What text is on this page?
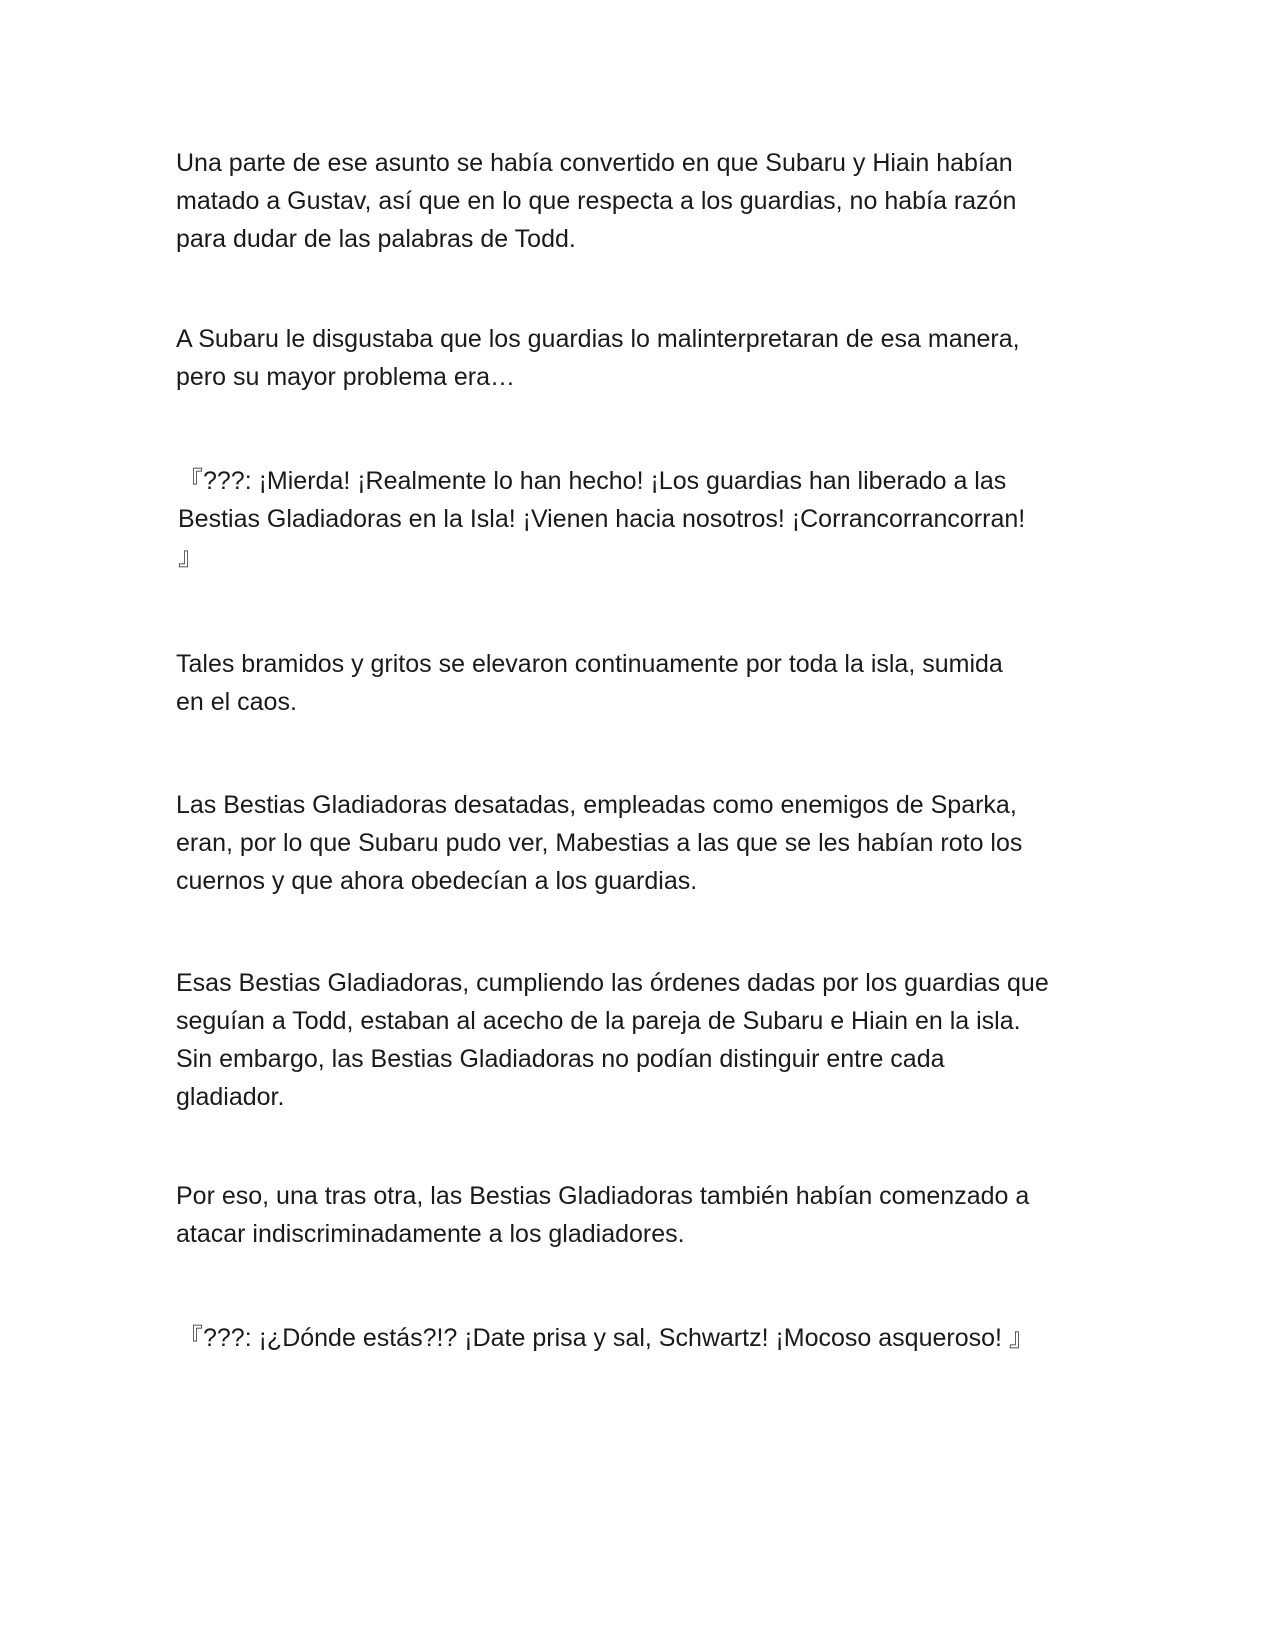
Una parte de ese asunto se había convertido en que Subaru y Hiain habían
matado a Gustav, así que en lo que respecta a los guardias, no había razón
para dudar de las palabras de Todd.

A Subaru le disgustaba que los guardias lo malinterpretaran de esa manera,
pero su mayor problema era…

『???: ¡Mierda! ¡Realmente lo han hecho! ¡Los guardias han liberado a las
Bestias Gladiadoras en la Isla! ¡Vienen hacia nosotros! ¡Corrancorrancorran!
』

Tales bramidos y gritos se elevaron continuamente por toda la isla, sumida
en el caos.

Las Bestias Gladiadoras desatadas, empleadas como enemigos de Sparka,
eran, por lo que Subaru pudo ver, Mabestias a las que se les habían roto los
cuernos y que ahora obedecían a los guardias.

Esas Bestias Gladiadoras, cumpliendo las órdenes dadas por los guardias que
seguían a Todd, estaban al acecho de la pareja de Subaru e Hiain en la isla.
Sin embargo, las Bestias Gladiadoras no podían distinguir entre cada
gladiador.

Por eso, una tras otra, las Bestias Gladiadoras también habían comenzado a
atacar indiscriminadamente a los gladiadores.

『???: ¡¿Dónde estás?!? ¡Date prisa y sal, Schwartz! ¡Mocoso asqueroso! 』
